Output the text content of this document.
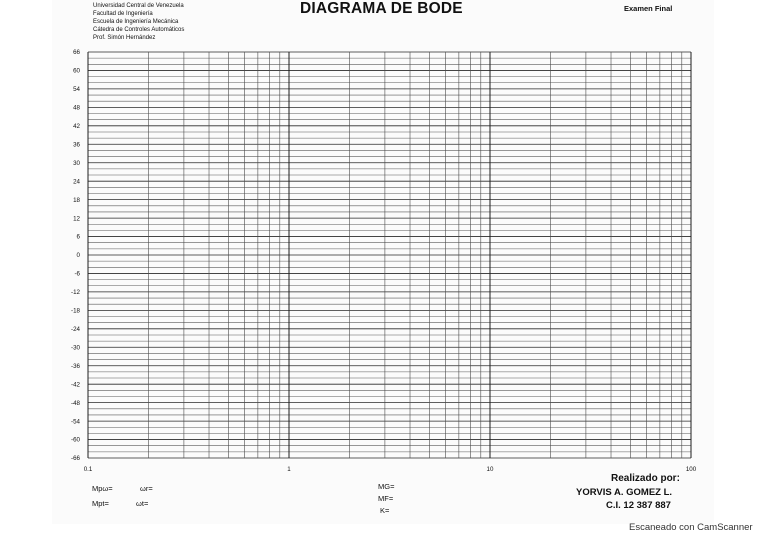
Universidad Central de Venezuela
Facultad de Ingeniería
Escuela de Ingeniería Mecánica
Cátedra de Controles Automáticos
Prof. Simón Hernández
DIAGRAMA DE BODE	Examen Final
66
60
54
48
42
36
30
24
18
12
6
0
-6
-12
-18
-24
-30
-36
-42
-48
-54
-60
-66
0.1	1	10	100
Mpω=	ωr=
Mpt=	ωt=
MG=
MF=
K=
Realizado por:
YORVIS A. GOMEZ L.
C.I. 12 387 887
Escaneado con CamScanner
